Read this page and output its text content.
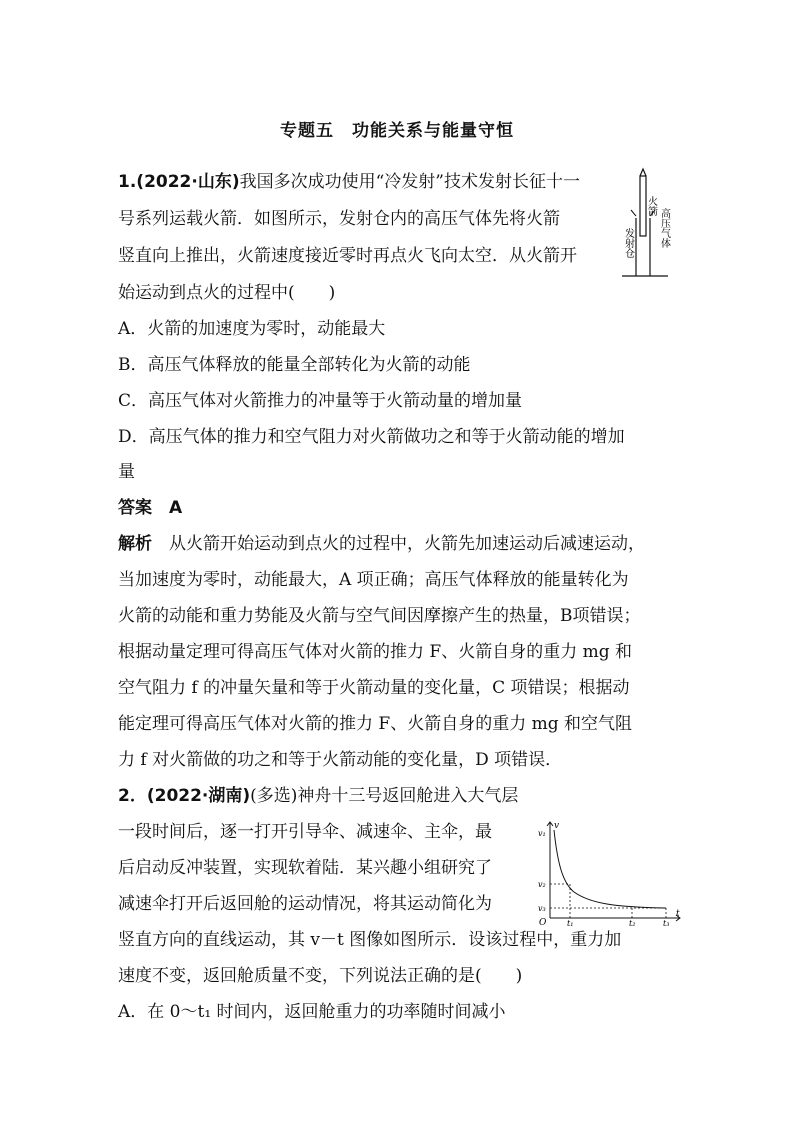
专题五　功能关系与能量守恒
1.(2022·山东)我国多次成功使用“冷发射”技术发射长征十一
号系列运载火箭．如图所示，发射仓内的高压气体先将火箭
竖直向上推出，火箭速度接近零时再点火飞向太空．从火箭开
始运动到点火的过程中(　　)
火箭
高压气体
发射仓
A．火箭的加速度为零时，动能最大
B．高压气体释放的能量全部转化为火箭的动能
C．高压气体对火箭推力的冲量等于火箭动量的增加量
D．高压气体的推力和空气阻力对火箭做功之和等于火箭动能的增加
量
答案　 A
解析　 从火箭开始运动到点火的过程中，火箭先加速运动后减速运动，
当加速度为零时，动能最大，A 项正确；高压气体释放的能量转化为
火箭的动能和重力势能及火箭与空气间因摩擦产生的热量，B项错误；
根据动量定理可得高压气体对火箭的推力 F、火箭自身的重力 mg 和
空气阻力 f 的冲量矢量和等于火箭动量的变化量，C 项错误；根据动
能定理可得高压气体对火箭的推力 F、火箭自身的重力 mg 和空气阻
力 f 对火箭做的功之和等于火箭动能的变化量，D 项错误．
2．(2022·湖南)(多选)神舟十三号返回舱进入大气层
一段时间后，逐一打开引导伞、减速伞、主伞，最
后启动反冲装置，实现软着陆．某兴趣小组研究了
减速伞打开后返回舱的运动情况，将其运动简化为
竖直方向的直线运动，其 v－t 图像如图所示．设该过程中，重力加
速度不变，返回舱质量不变，下列说法正确的是(　　)
A．在 0～t₁ 时间内，返回舱重力的功率随时间减小
v
t
O
v₁
v₂
v₃
t₁	t₂	t₃
